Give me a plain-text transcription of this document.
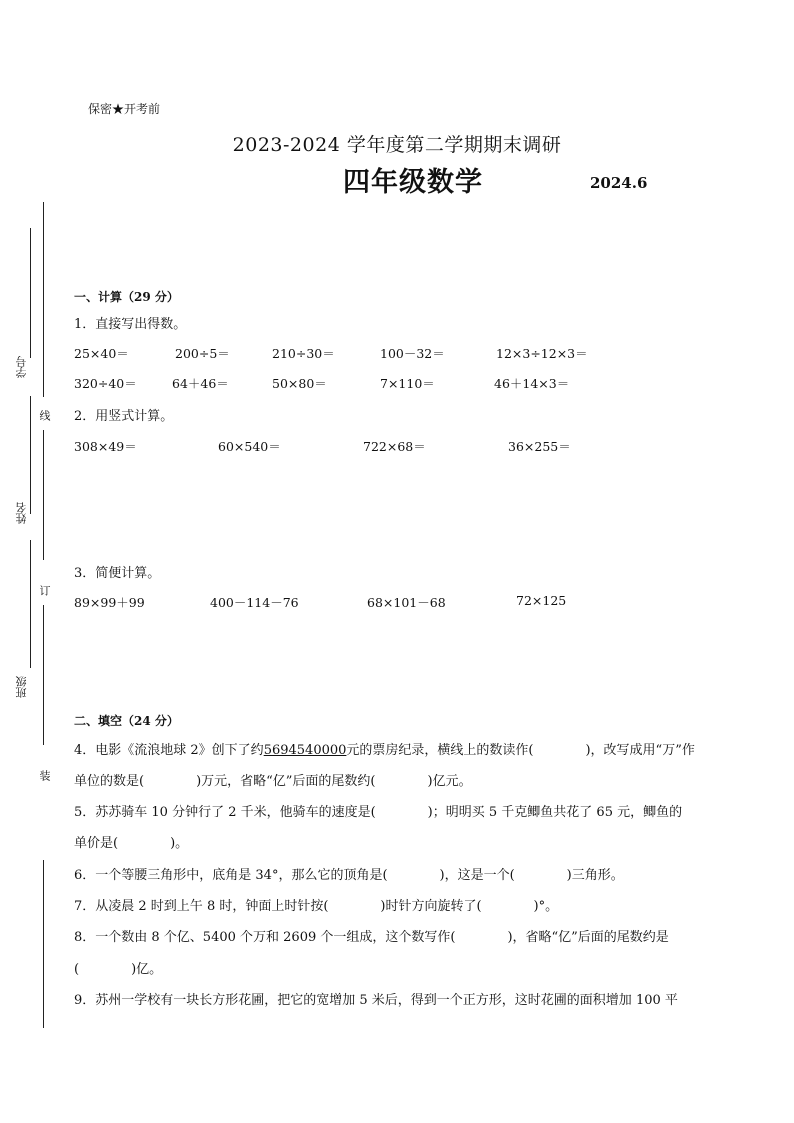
保密★开考前
2023-2024 学年度第二学期期末调研
四年级数学	2024.6
学号
线
姓名
订
班级
装
一、计算（29 分）
1．直接写出得数。
25×40＝	200÷5＝	210÷30＝	100－32＝	12×3÷12×3＝
320÷40＝	64＋46＝	50×80＝	7×110＝	46＋14×3＝
2．用竖式计算。
308×49＝	60×540＝	722×68＝	36×255＝
3．简便计算。
89×99＋99	400－114－76	68×101－68	72×125
二、填空（24 分）
4．电影《流浪地球 2》创下了约5694540000元的票房纪录，横线上的数读作(　　　　)，改写成用“万”作
单位的数是(　　　　)万元，省略“亿”后面的尾数约(　　　　)亿元。
5．苏苏骑车 10 分钟行了 2 千米，他骑车的速度是(　　　　)；明明买 5 千克鲫鱼共花了 65 元，鲫鱼的
单价是(　　　　)。
6．一个等腰三角形中，底角是 34°，那么它的顶角是(　　　　)，这是一个(　　　　)三角形。
7．从凌晨 2 时到上午 8 时，钟面上时针按(　　　　)时针方向旋转了(　　　　)°。
8．一个数由 8 个亿、5400 个万和 2609 个一组成，这个数写作(　　　　)，省略“亿”后面的尾数约是
(　　　　)亿。
9．苏州一学校有一块长方形花圃，把它的宽增加 5 米后，得到一个正方形，这时花圃的面积增加 100 平
